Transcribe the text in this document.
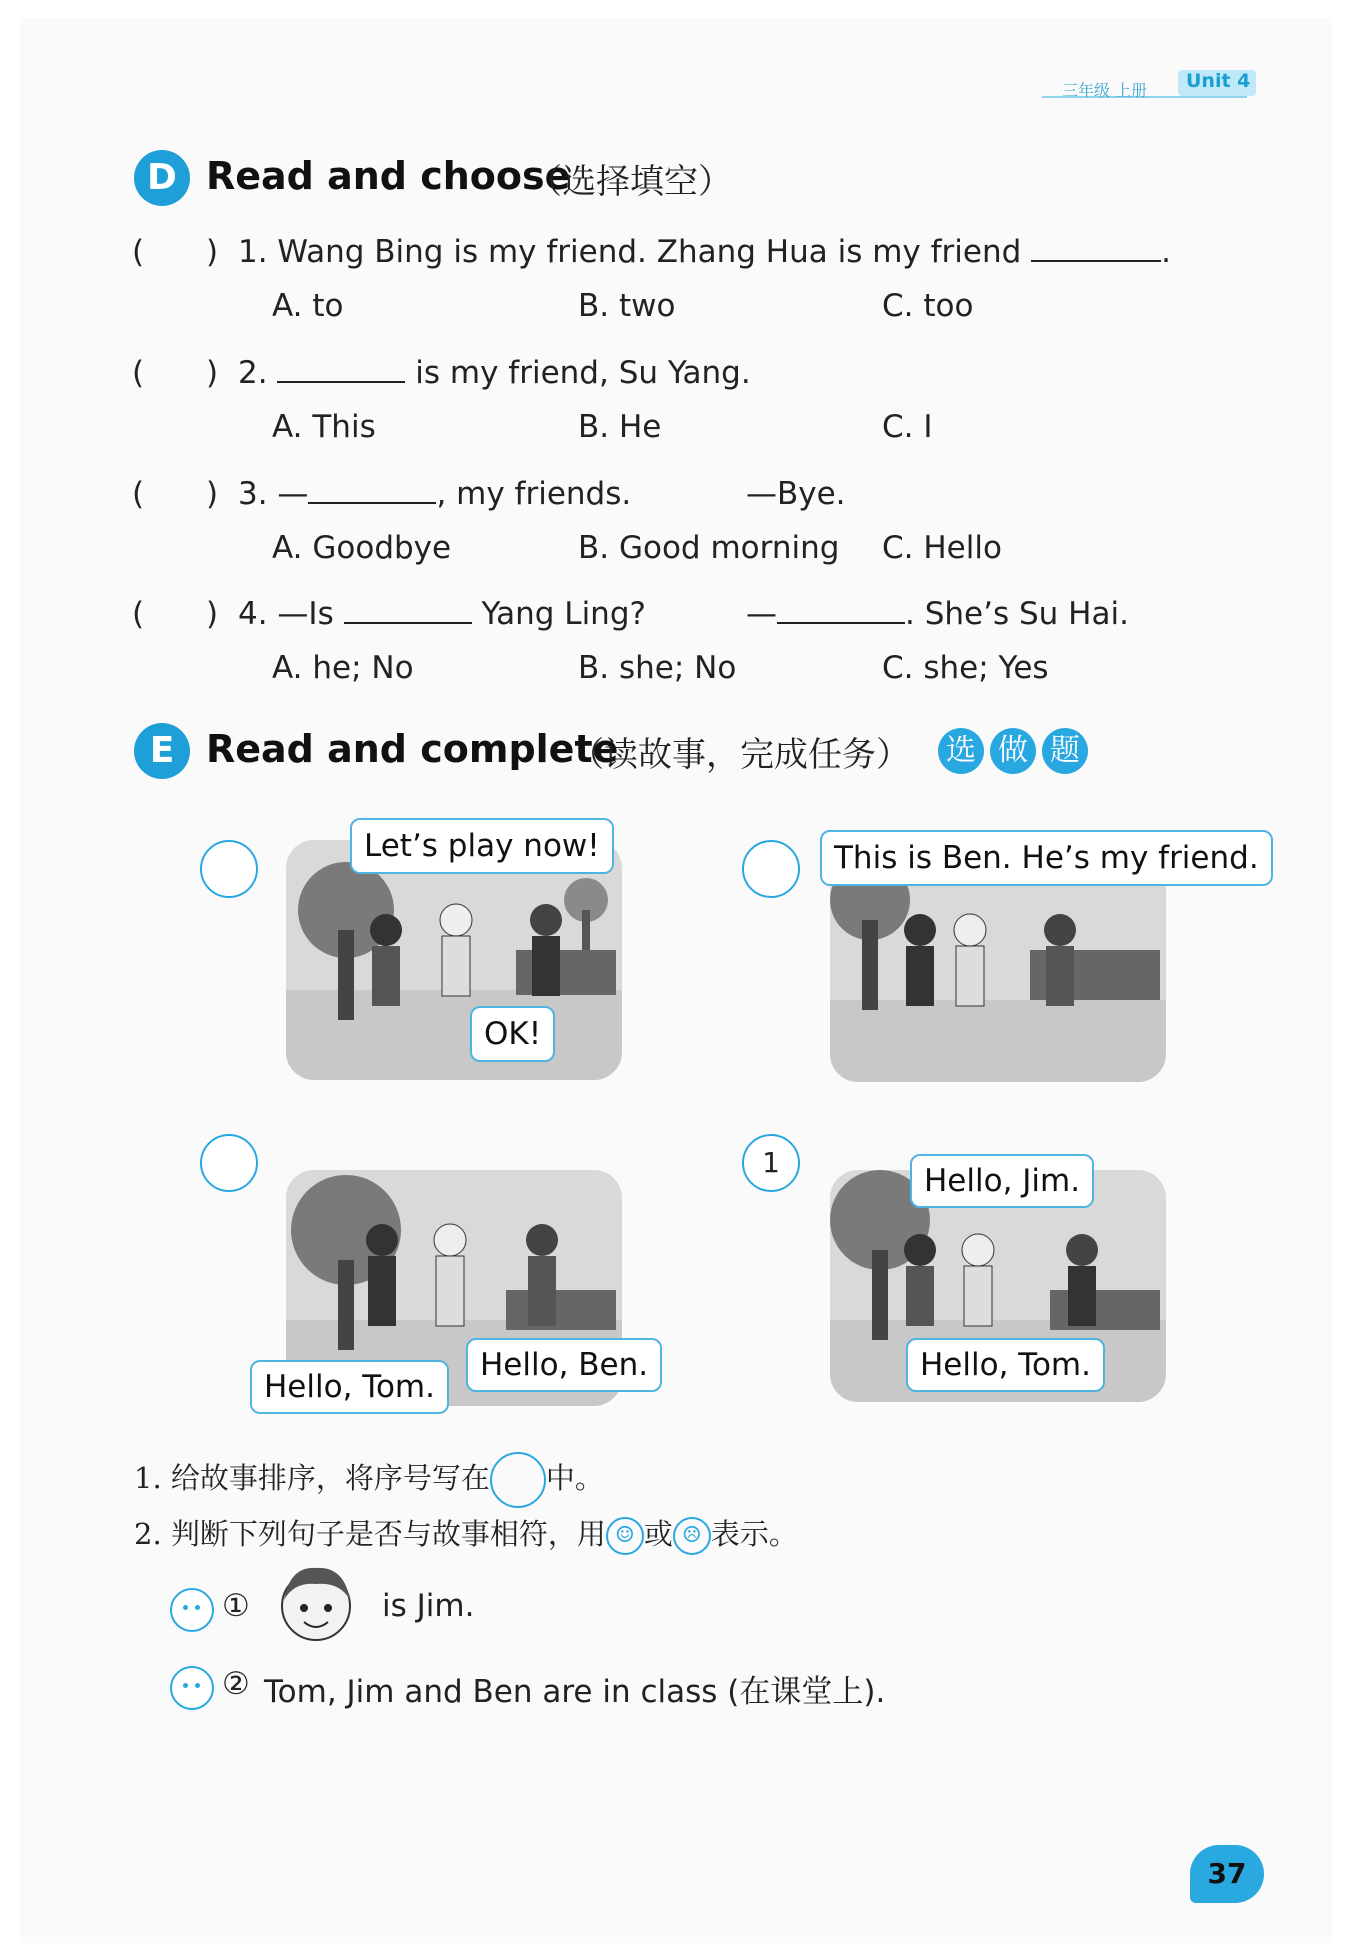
三年级 上册 Unit 4
D Read and choose
（选择填空）
( ) 1. Wang Bing is my friend. Zhang Hua is my friend	.
A. to	B. two	C. too
( ) 2.	is my friend, Su Yang.
A. This	B. He	C. I
( ) 3. —	, my friends.	—Bye.
A. Goodbye	B. Good morning C. Hello
( ) 4. —Is	Yang Ling?	—	. She’s Su Hai.
A. he; No	B. she; No	C. she; Yes
E Read and complete
（读故事，完成任务） 选 做 题
Let’s play now!
OK!
This is Ben. He’s my friend.
Hello, Tom.
Hello, Ben.
1
Hello, Jim.
Hello, Tom.
1. 给故事排序，将序号写在 中。
2. 判断下列句子是否与故事相符，用 ☺ 或 ☹ 表示。
①	is Jim.
② Tom, Jim and Ben are in class (在课堂上).
37
